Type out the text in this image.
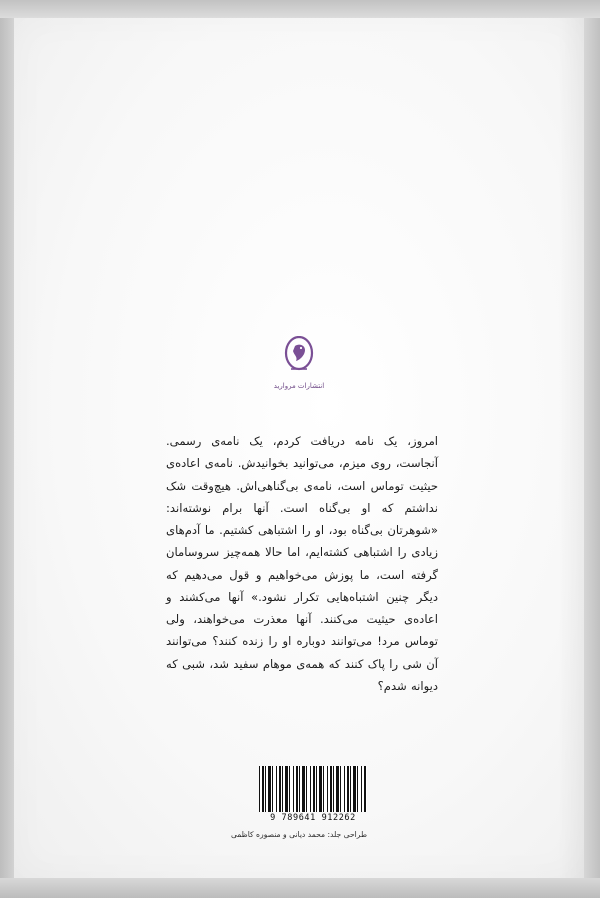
انتشارات مروارید
امروز، یک نامه دریافت کردم، یک نامه‌ی رسمی. آنجاست، روی میزم، می‌توانید بخوانیدش. نامه‌ی اعاده‌ی حیثیت توماس است، نامه‌ی بی‌گناهی‌اش. هیچ‌وقت شک نداشتم که او بی‌گناه است. آنها برام نوشته‌اند: «شوهرتان بی‌گناه بود، او را اشتباهی کشتیم. ما آدم‌های زیادی را اشتباهی کشته‌ایم، اما حالا همه‌چیز سروسامان گرفته است، ما پوزش می‌خواهیم و قول می‌دهیم که دیگر چنین اشتباه‌هایی تکرار نشود.» آنها می‌کشند و اعاده‌ی حیثیت می‌کنند. آنها معذرت می‌خواهند، ولی توماس مرد! می‌توانند دوباره او را زنده کنند؟ می‌توانند آن شی را پاک کنند که همه‌ی موهام سفید شد، شبی که دیوانه شدم؟
9 789641 912262
طراحی جلد: محمد دیانی و منصوره کاظمی
